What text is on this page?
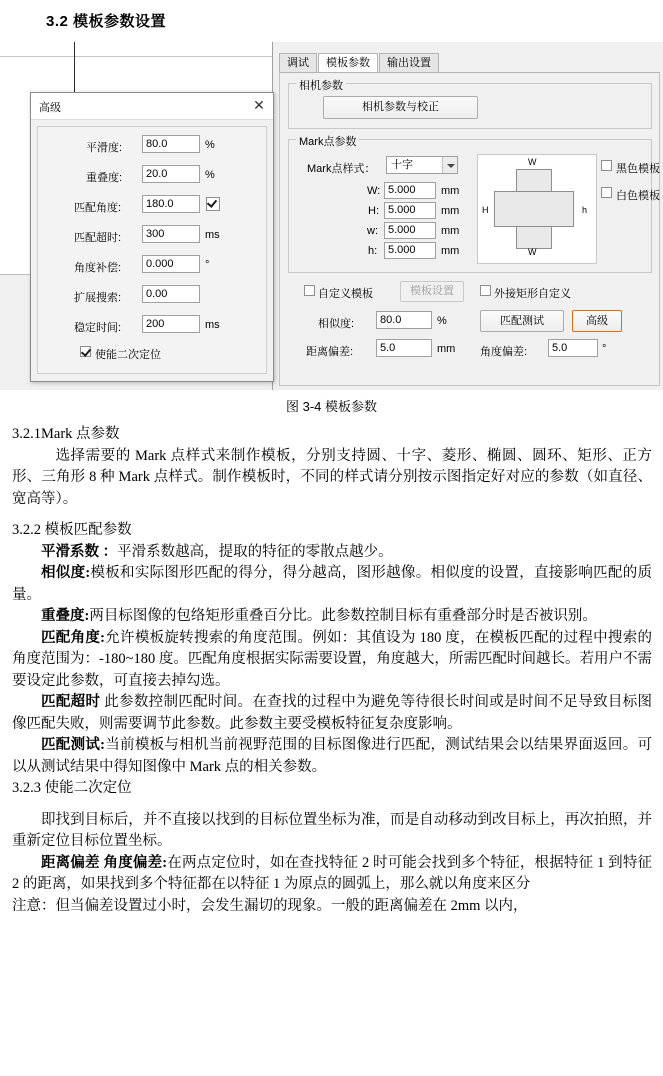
3.2 模板参数设置
调试	模板参数	输出设置
相机参数
相机参数与校正
Mark点参数
Mark点样式：	十字
W: 5.000	mm
H: 5.000	mm
w: 5.000	mm
h: 5.000	mm
W
H	h
W
黑色模板
白色模板
自定义模板	模板设置	外接矩形自定义
相似度:	80.0	%	匹配测试	高级
距离偏差:	5.0	mm 角度偏差:	5.0	°
高级	✕
平滑度:	80.0	%
重叠度:	20.0	%
匹配角度:	180.0
匹配超时:	300	ms
角度补偿:	0.000	°
扩展搜索:	0.00
稳定时间:	200	ms
使能二次定位
图 3-4 模板参数

3.2.1Mark 点参数

选择需要的 Mark 点样式来制作模板，分别支持圆、十字、菱形、椭圆、圆环、矩形、正方形、三角形 8 种 Mark 点样式。制作模板时，不同的样式请分别按示图指定好对应的参数（如直径、宽高等）。

3.2.2 模板匹配参数

平滑系数 ：平滑系数越高，提取的特征的零散点越少。

相似度:模板和实际图形匹配的得分，得分越高，图形越像。相似度的设置，直接影响匹配的质量。

重叠度:两目标图像的包络矩形重叠百分比。此参数控制目标有重叠部分时是否被识别。

匹配角度:允许模板旋转搜索的角度范围。例如：其值设为 180 度，在模板匹配的过程中搜索的角度范围为：-180~180 度。匹配角度根据实际需要设置，角度越大，所需匹配时间越长。若用户不需要设定此参数，可直接去掉勾选。

匹配超时 此参数控制匹配时间。在查找的过程中为避免等待很长时间或是时间不足导致目标图像匹配失败，则需要调节此参数。此参数主要受模板特征复杂度影响。

匹配测试:当前模板与相机当前视野范围的目标图像进行匹配，测试结果会以结果界面返回。可以从测试结果中得知图像中 Mark 点的相关参数。

3.2.3 使能二次定位

即找到目标后，并不直接以找到的目标位置坐标为准，而是自动移动到改目标上，再次拍照，并重新定位目标位置坐标。

距离偏差 角度偏差:在两点定位时，如在查找特征 2 时可能会找到多个特征，根据特征 1 到特征 2 的距离，如果找到多个特征都在以特征 1 为原点的圆弧上，那么就以角度来区分

注意：但当偏差设置过小时，会发生漏切的现象。一般的距离偏差在 2mm 以内，
